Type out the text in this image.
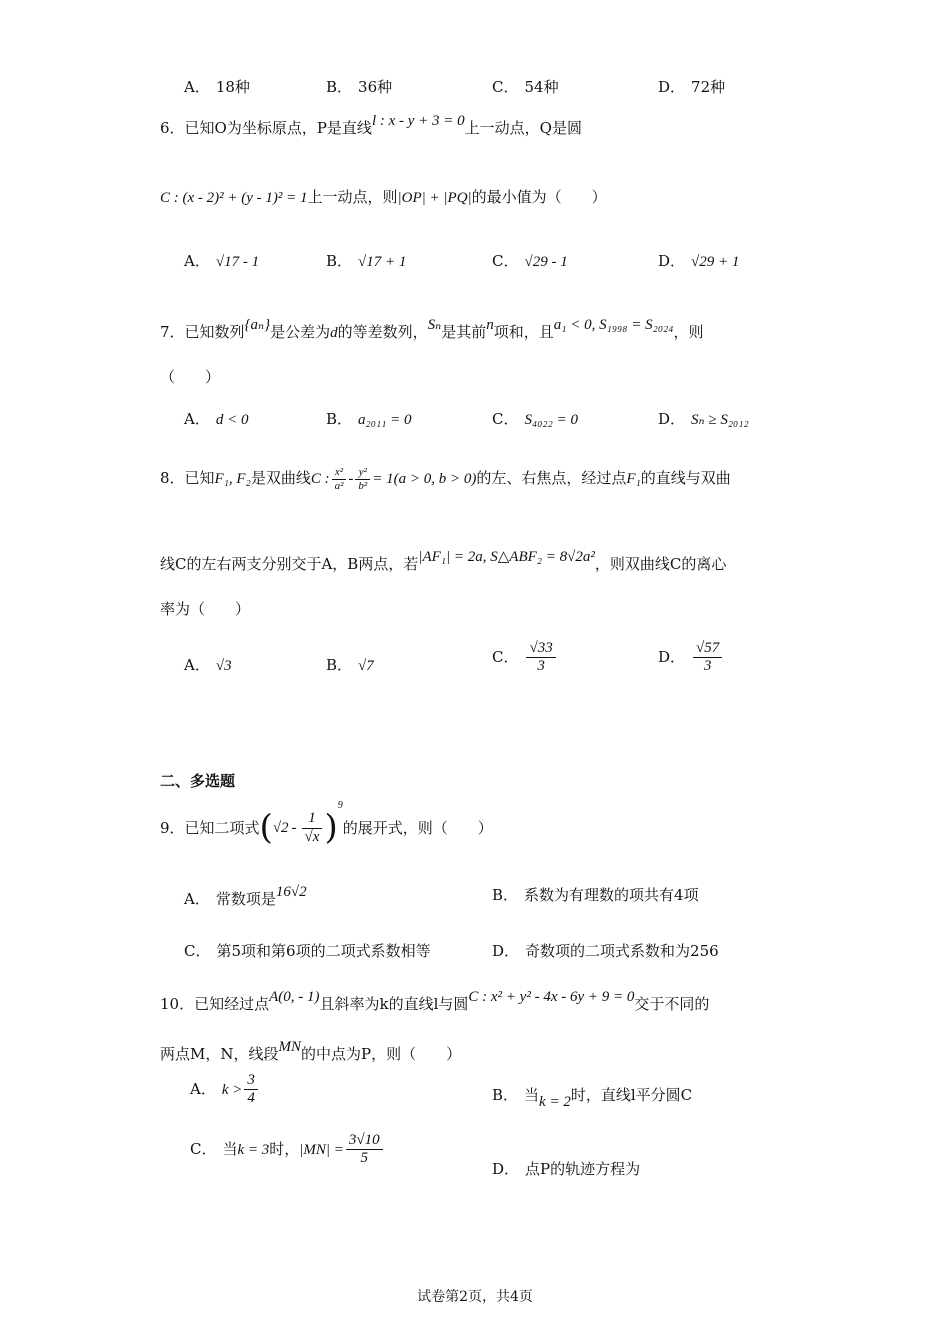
A． 18种	B． 36种	C． 54种	D． 72种
6．已知O为坐标原点，P是直线l : x - y + 3 = 0上一动点，Q是圆
C : (x - 2)² + (y - 1)² = 1上一动点，则|OP| + |PQ|的最小值为（　　）
A． √17 - 1	B． √17 + 1	C． √29 - 1	D． √29 + 1
7．已知数列{aₙ}是公差为d的等差数列，Sₙ是其前n项和，且a₁ < 0, S₁₉₉₈ = S₂₀₂₄，则
（　　）
A． d < 0	B． a₂₀₁₁ = 0	C． S₄₀₂₂ = 0	D． Sₙ ≥ S₂₀₁₂
8．已知F₁, F₂是双曲线C : $\frac{\text{x²}}{\text{a²}} - \frac{\text{y²}}{\text{b²}} = 1(a > 0$, b > 0)的左、右焦点，经过点F₁的直线与双曲
线C的左右两支分别交于A，B两点，若|AF₁| = 2a, S△ABF₂ = 8√2a²，则双曲线C的离心
率为（　　）
A． √3	B． √7
C． $\frac{√33}{3}$	D． $\frac{√57}{3}$
二、多选题
9．已知二项式$(√2 - \frac{1}{√x} )^9$的展开式，则（　　）
A． 常数项是16√2	B． 系数为有理数的项共有4项
C． 第5项和第6项的二项式系数相等	D． 奇数项的二项式系数和为256
10．已知经过点A(0, - 1)且斜率为k的直线l与圆C : x² + y² - 4x - 6y + 9 = 0交于不同的
两点M，N，线段MN的中点为P，则（　　）
A． $k > \frac{3}{4}$	B． 当k = 2时，直线l平分圆C
C． 当k = 3时，$|MN| = \frac{3√10}{5}$
D． 点P的轨迹方程为
试卷第2页，共4页
